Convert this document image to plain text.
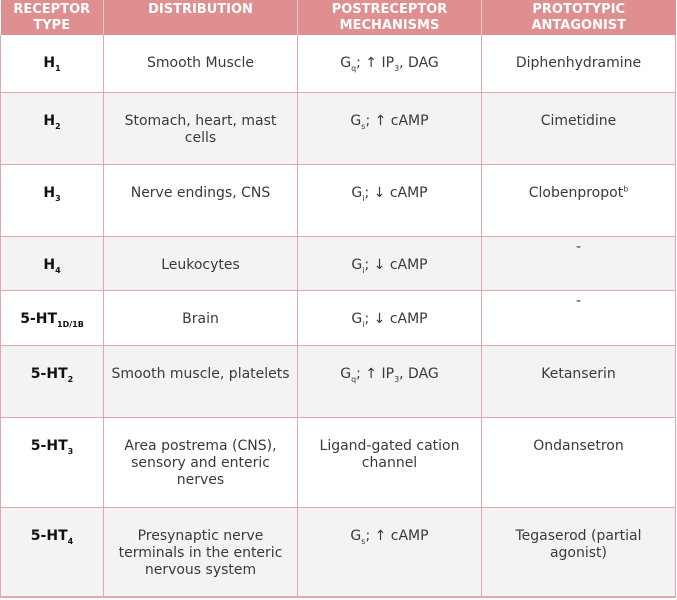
RECEPTOR TYPE	DISTRIBUTION	POSTRECEPTOR MECHANISMS	PROTOTYPIC ANTAGONIST
$H_1$	Smooth Muscle	$G_q$; ↑ $IP_3$, DAG	Diphenhydramine
$H_2$	Stomach, heart, mast cells	$G_s$; ↑ cAMP	Cimetidine
$H_3$	Nerve endings, CNS	$G_i$; ↓ cAMP	Clobenpropot$^b$
$H_4$	Leukocytes	$G_i$; ↓ cAMP	-
$5-HT_{1D/1B}$	Brain	$G_i$; ↓ cAMP	-
$5-HT_2$	Smooth muscle, platelets	$G_q$; ↑ $IP_3$, DAG	Ketanserin
$5-HT_3$	Area postrema (CNS), sensory and enteric nerves	Ligand-gated cation channel	Ondansetron
$5-HT_4$	Presynaptic nerve terminals in the enteric nervous system	$G_s$; ↑ cAMP	Tegaserod (partial agonist)
